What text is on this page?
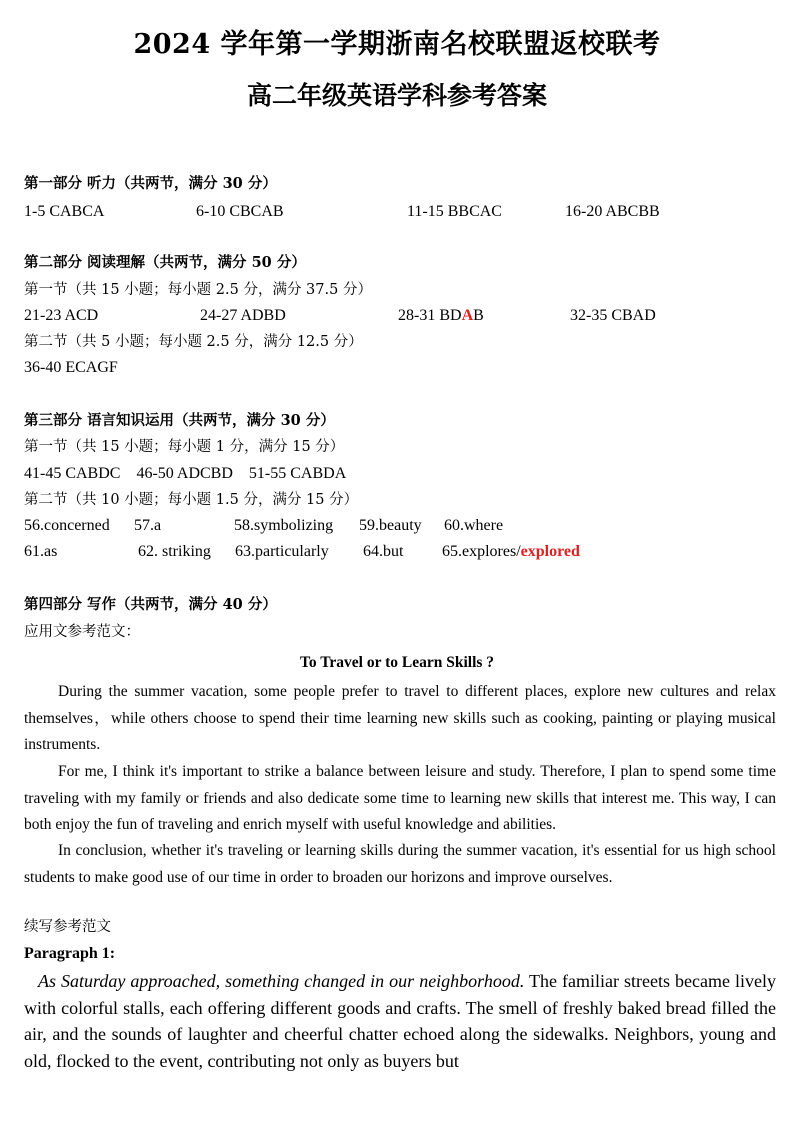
2024 学年第一学期浙南名校联盟返校联考
高二年级英语学科参考答案
第一部分 听力（共两节，满分 30 分）
1-5 CABCA	6-10 CBCAB	11-15 BBCAC	16-20 ABCBB
第二部分 阅读理解（共两节，满分 50 分）
第一节（共 15 小题；每小题 2.5 分，满分 37.5 分）
21-23 ACD	24-27 ADBD	28-31 BDAB	32-35 CBAD
第二节（共 5 小题；每小题 2.5 分，满分 12.5 分）
36-40 ECAGF
第三部分 语言知识运用（共两节，满分 30 分）
第一节（共 15 小题；每小题 1 分，满分 15 分）
41-45 CABDC    46-50 ADCBD    51-55 CABDA
第二节（共 10 小题；每小题 1.5 分，满分 15 分）
56.concerned 57.a	58.symbolizing 59.beauty 60.where
61.as	62. striking 63.particularly 64.but 65.explores/explored
第四部分 写作（共两节，满分 40 分）
应用文参考范文：
To Travel or to Learn Skills ?

During the summer vacation, some people prefer to travel to different places, explore new cultures and relax themselves，while others choose to spend their time learning new skills such as cooking, painting or playing musical instruments.

For me, I think it's important to strike a balance between leisure and study. Therefore, I plan to spend some time traveling with my family or friends and also dedicate some time to learning new skills that interest me. This way, I can both enjoy the fun of traveling and enrich myself with useful knowledge and abilities.

In conclusion, whether it's traveling or learning skills during the summer vacation, it's essential for us high school students to make good use of our time in order to broaden our horizons and improve ourselves.

续写参考范文
Paragraph 1:

As Saturday approached, something changed in our neighborhood. The familiar streets became lively with colorful stalls, each offering different goods and crafts. The smell of freshly baked bread filled the air, and the sounds of laughter and cheerful chatter echoed along the sidewalks. Neighbors, young and old, flocked to the event, contributing not only as buyers but
